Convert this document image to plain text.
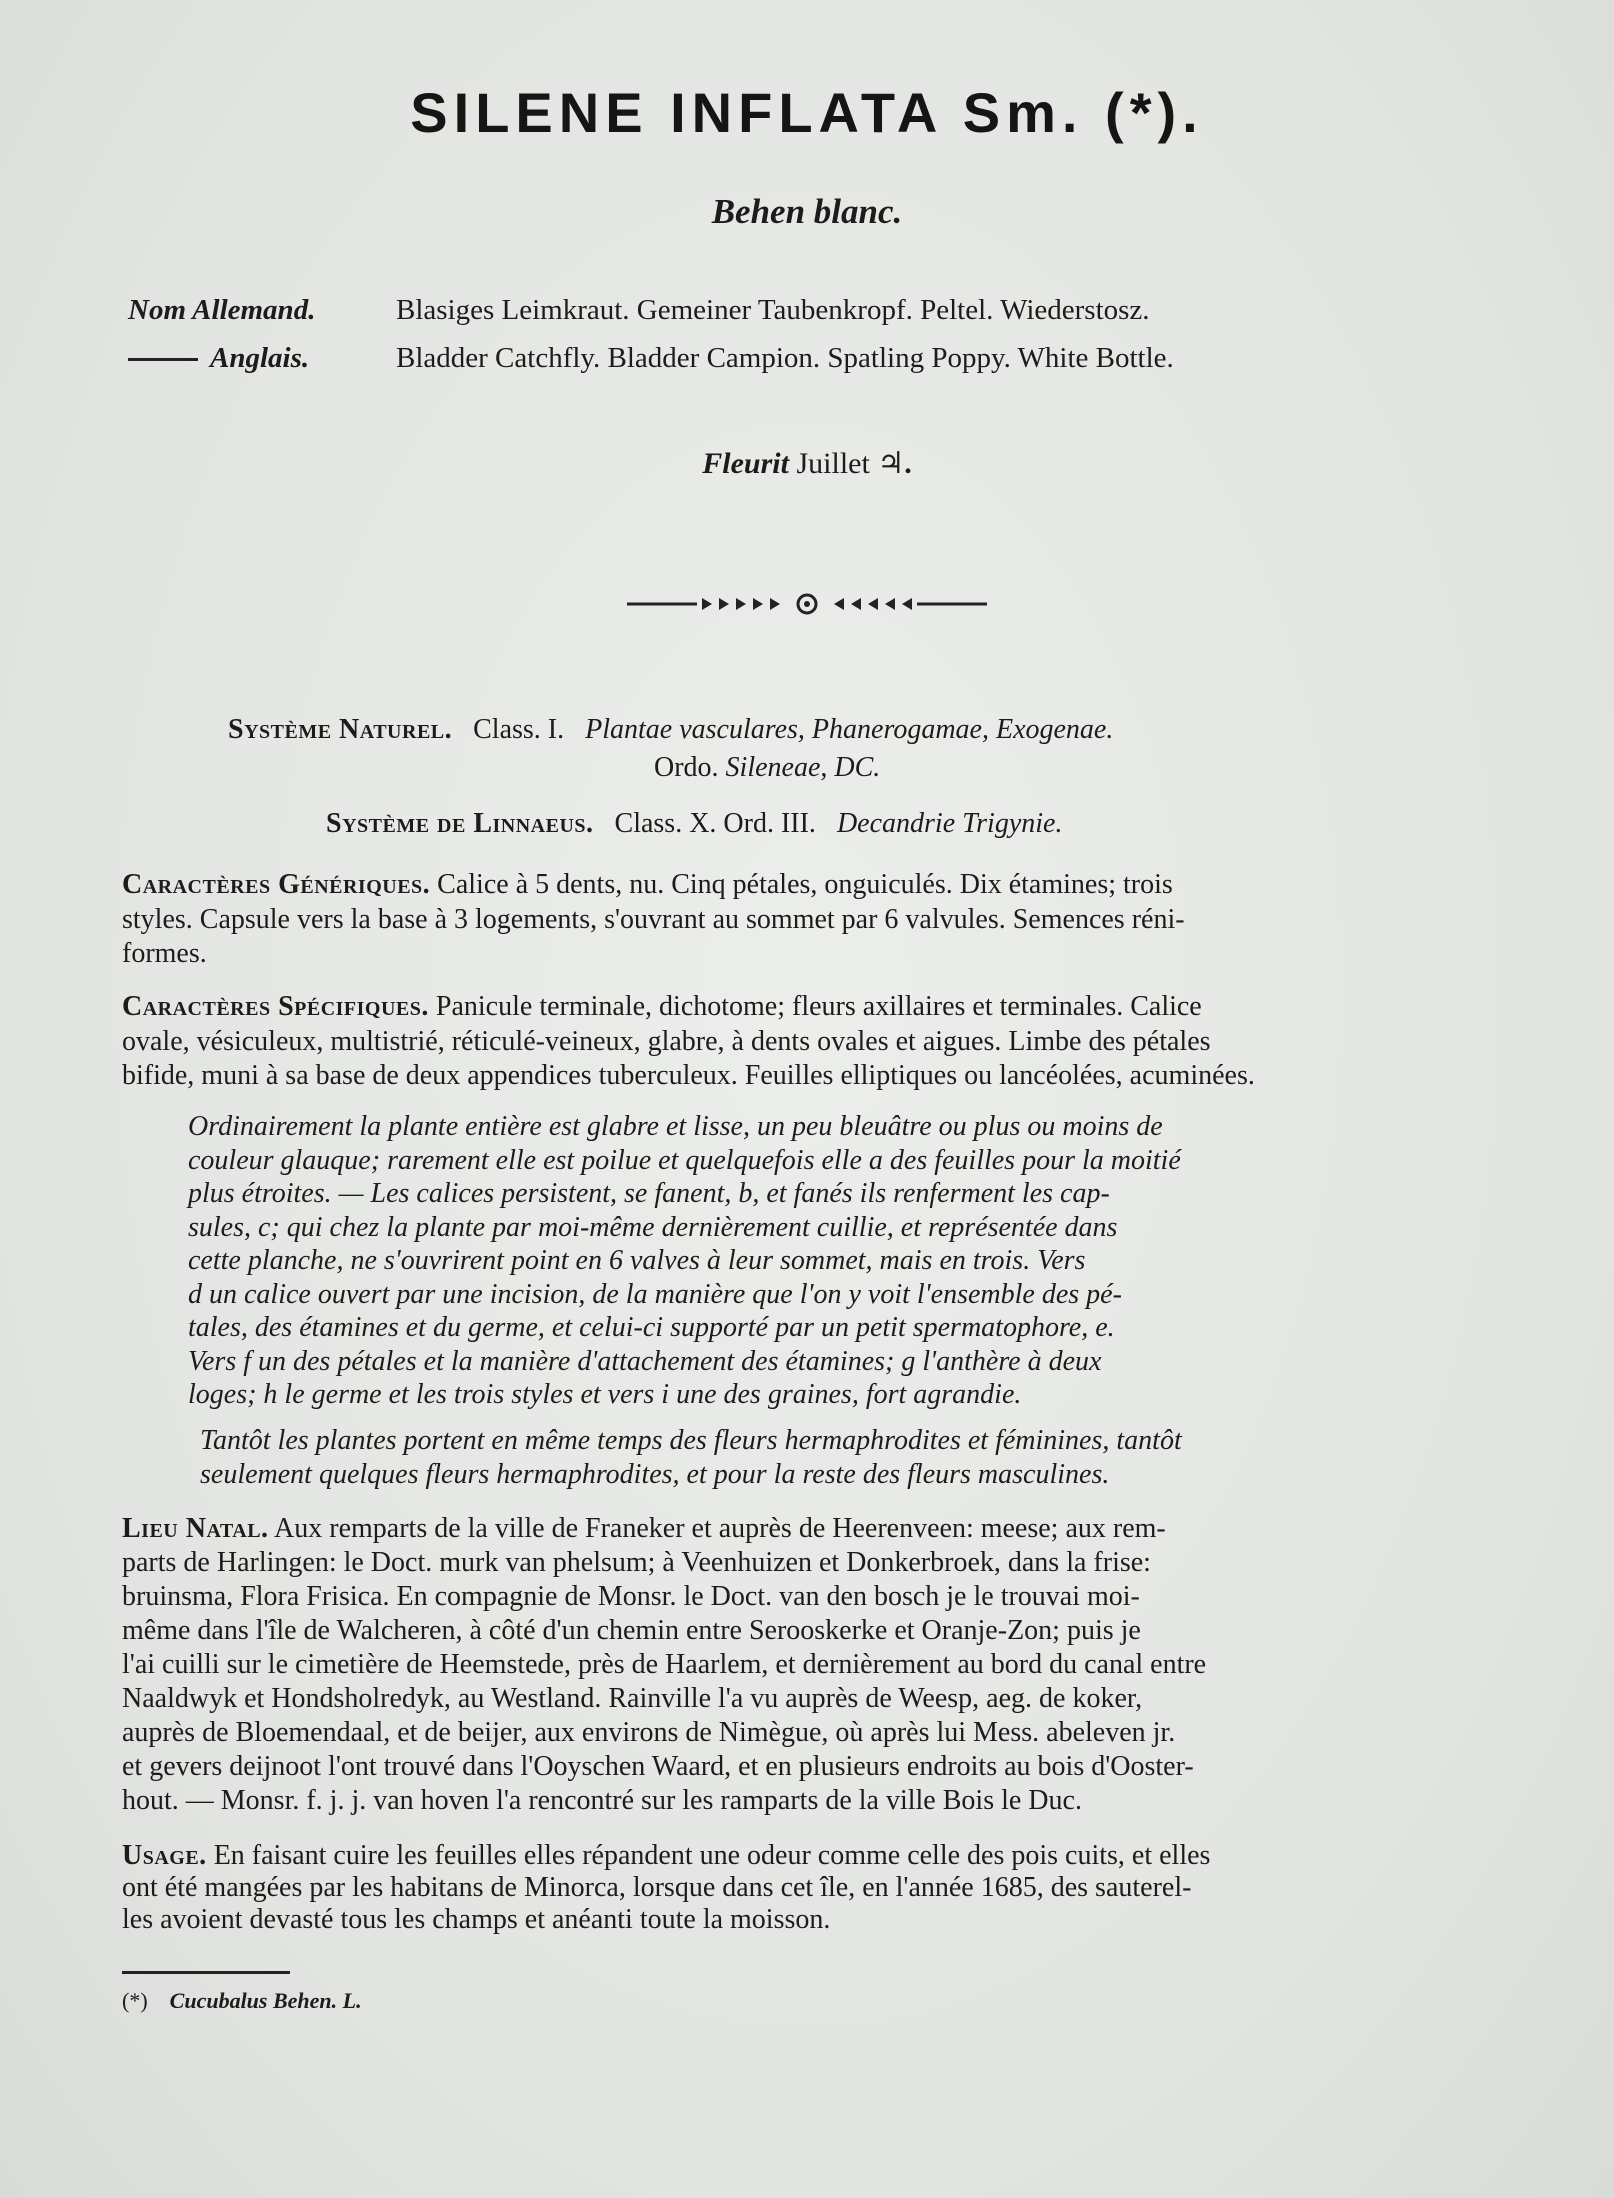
SILENE INFLATA Sm. (*).
Behen blanc.
Nom Allemand.	Blasiges Leimkraut. Gemeiner Taubenkropf. Peltel. Wiederstosz.
Anglais.	Bladder Catchfly. Bladder Campion. Spatling Poppy. White Bottle.
Fleurit Juillet ♃.
Système Naturel. Class. I. Plantae vasculares, Phanerogamae, Exogenae.
Ordo. Sileneae, DC.
Système de Linnaeus. Class. X. Ord. III. Decandrie Trigynie.
Caractères Génériques. Calice à 5 dents, nu. Cinq pétales, onguiculés. Dix étamines; trois
styles. Capsule vers la base à 3 logements, s'ouvrant au sommet par 6 valvules. Semences réni-
formes.
Caractères Spécifiques. Panicule terminale, dichotome; fleurs axillaires et terminales. Calice
ovale, vésiculeux, multistrié, réticulé-veineux, glabre, à dents ovales et aigues. Limbe des pétales
bifide, muni à sa base de deux appendices tuberculeux. Feuilles elliptiques ou lancéolées, acuminées.
Ordinairement la plante entière est glabre et lisse, un peu bleuâtre ou plus ou moins de
couleur glauque; rarement elle est poilue et quelquefois elle a des feuilles pour la moitié
plus étroites. — Les calices persistent, se fanent, b, et fanés ils renferment les cap-
sules, c; qui chez la plante par moi-même dernièrement cuillie, et représentée dans
cette planche, ne s'ouvrirent point en 6 valves à leur sommet, mais en trois. Vers
d un calice ouvert par une incision, de la manière que l'on y voit l'ensemble des pé-
tales, des étamines et du germe, et celui-ci supporté par un petit spermatophore, e.
Vers f un des pétales et la manière d'attachement des étamines; g l'anthère à deux
loges; h le germe et les trois styles et vers i une des graines, fort agrandie.
Tantôt les plantes portent en même temps des fleurs hermaphrodites et féminines, tantôt
seulement quelques fleurs hermaphrodites, et pour la reste des fleurs masculines.
Lieu Natal. Aux remparts de la ville de Franeker et auprès de Heerenveen: meese; aux rem-
parts de Harlingen: le Doct. murk van phelsum; à Veenhuizen et Donkerbroek, dans la frise:
bruinsma, Flora Frisica. En compagnie de Monsr. le Doct. van den bosch je le trouvai moi-
même dans l'île de Walcheren, à côté d'un chemin entre Serooskerke et Oranje-Zon; puis je
l'ai cuilli sur le cimetière de Heemstede, près de Haarlem, et dernièrement au bord du canal entre
Naaldwyk et Hondsholredyk, au Westland. Rainville l'a vu auprès de Weesp, aeg. de koker,
auprès de Bloemendaal, et de beijer, aux environs de Nimègue, où après lui Mess. abeleven jr.
et gevers deijnoot l'ont trouvé dans l'Ooyschen Waard, et en plusieurs endroits au bois d'Ooster-
hout. — Monsr. f. j. j. van hoven l'a rencontré sur les ramparts de la ville Bois le Duc.
Usage. En faisant cuire les feuilles elles répandent une odeur comme celle des pois cuits, et elles
ont été mangées par les habitans de Minorca, lorsque dans cet île, en l'année 1685, des sauterel-
les avoient devasté tous les champs et anéanti toute la moisson.
(*) Cucubalus Behen. L.
